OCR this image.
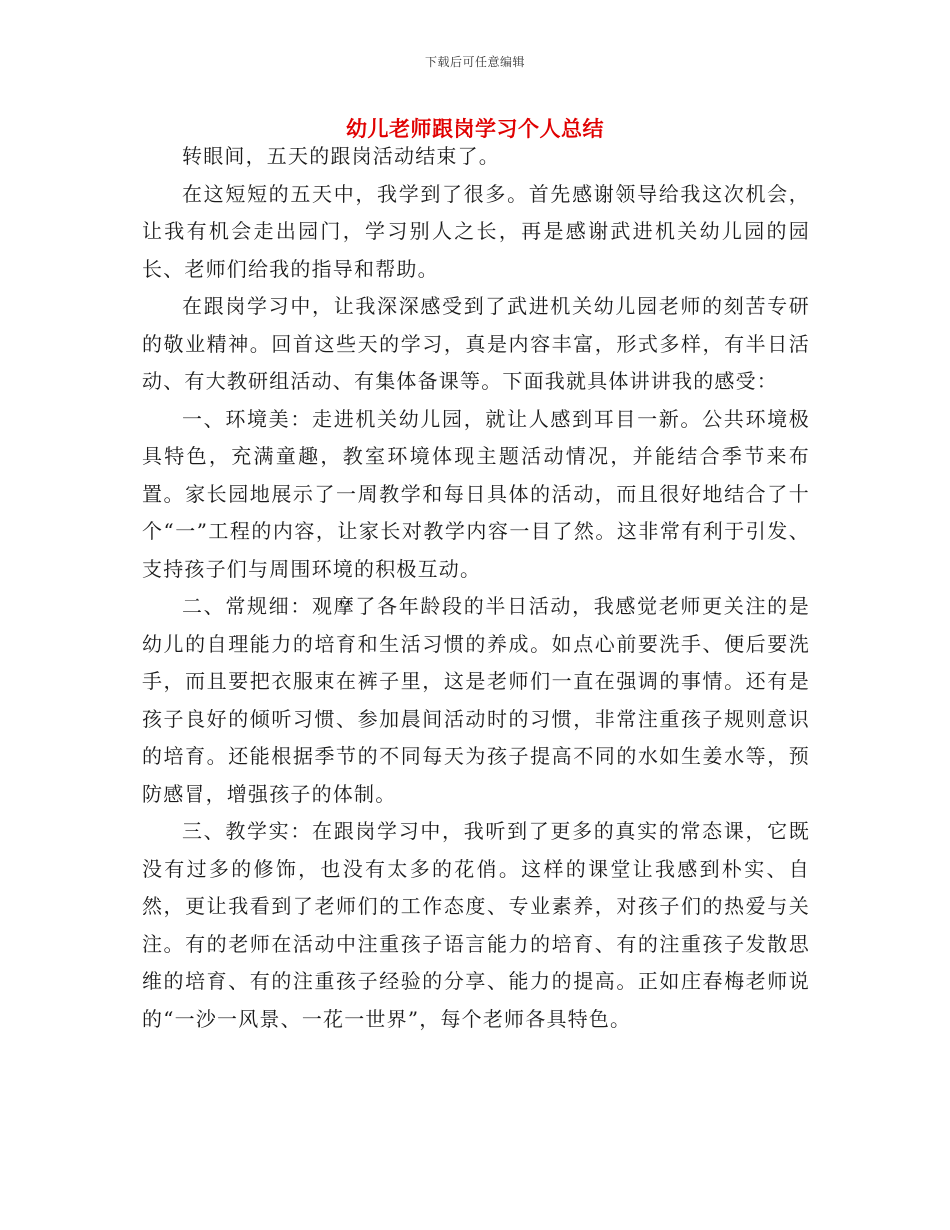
下载后可任意编辑
幼儿老师跟岗学习个人总结

转眼间，五天的跟岗活动结束了。

在这短短的五天中，我学到了很多。首先感谢领导给我这次机会，让我有机会走出园门，学习别人之长，再是感谢武进机关幼儿园的园长、老师们给我的指导和帮助。

在跟岗学习中，让我深深感受到了武进机关幼儿园老师的刻苦专研的敬业精神。回首这些天的学习，真是内容丰富，形式多样，有半日活动、有大教研组活动、有集体备课等。下面我就具体讲讲我的感受：

一、环境美：走进机关幼儿园，就让人感到耳目一新。公共环境极具特色，充满童趣，教室环境体现主题活动情况，并能结合季节来布置。家长园地展示了一周教学和每日具体的活动，而且很好地结合了十个“一”工程的内容，让家长对教学内容一目了然。这非常有利于引发、支持孩子们与周围环境的积极互动。

二、常规细：观摩了各年龄段的半日活动，我感觉老师更关注的是幼儿的自理能力的培育和生活习惯的养成。如点心前要洗手、便后要洗手，而且要把衣服束在裤子里，这是老师们一直在强调的事情。还有是孩子良好的倾听习惯、参加晨间活动时的习惯，非常注重孩子规则意识的培育。还能根据季节的不同每天为孩子提高不同的水如生姜水等，预防感冒，增强孩子的体制。

三、教学实：在跟岗学习中，我听到了更多的真实的常态课，它既没有过多的修饰，也没有太多的花俏。这样的课堂让我感到朴实、自然，更让我看到了老师们的工作态度、专业素养，对孩子们的热爱与关注。有的老师在活动中注重孩子语言能力的培育、有的注重孩子发散思维的培育、有的注重孩子经验的分享、能力的提高。正如庄春梅老师说的“一沙一风景、一花一世界”，每个老师各具特色。
